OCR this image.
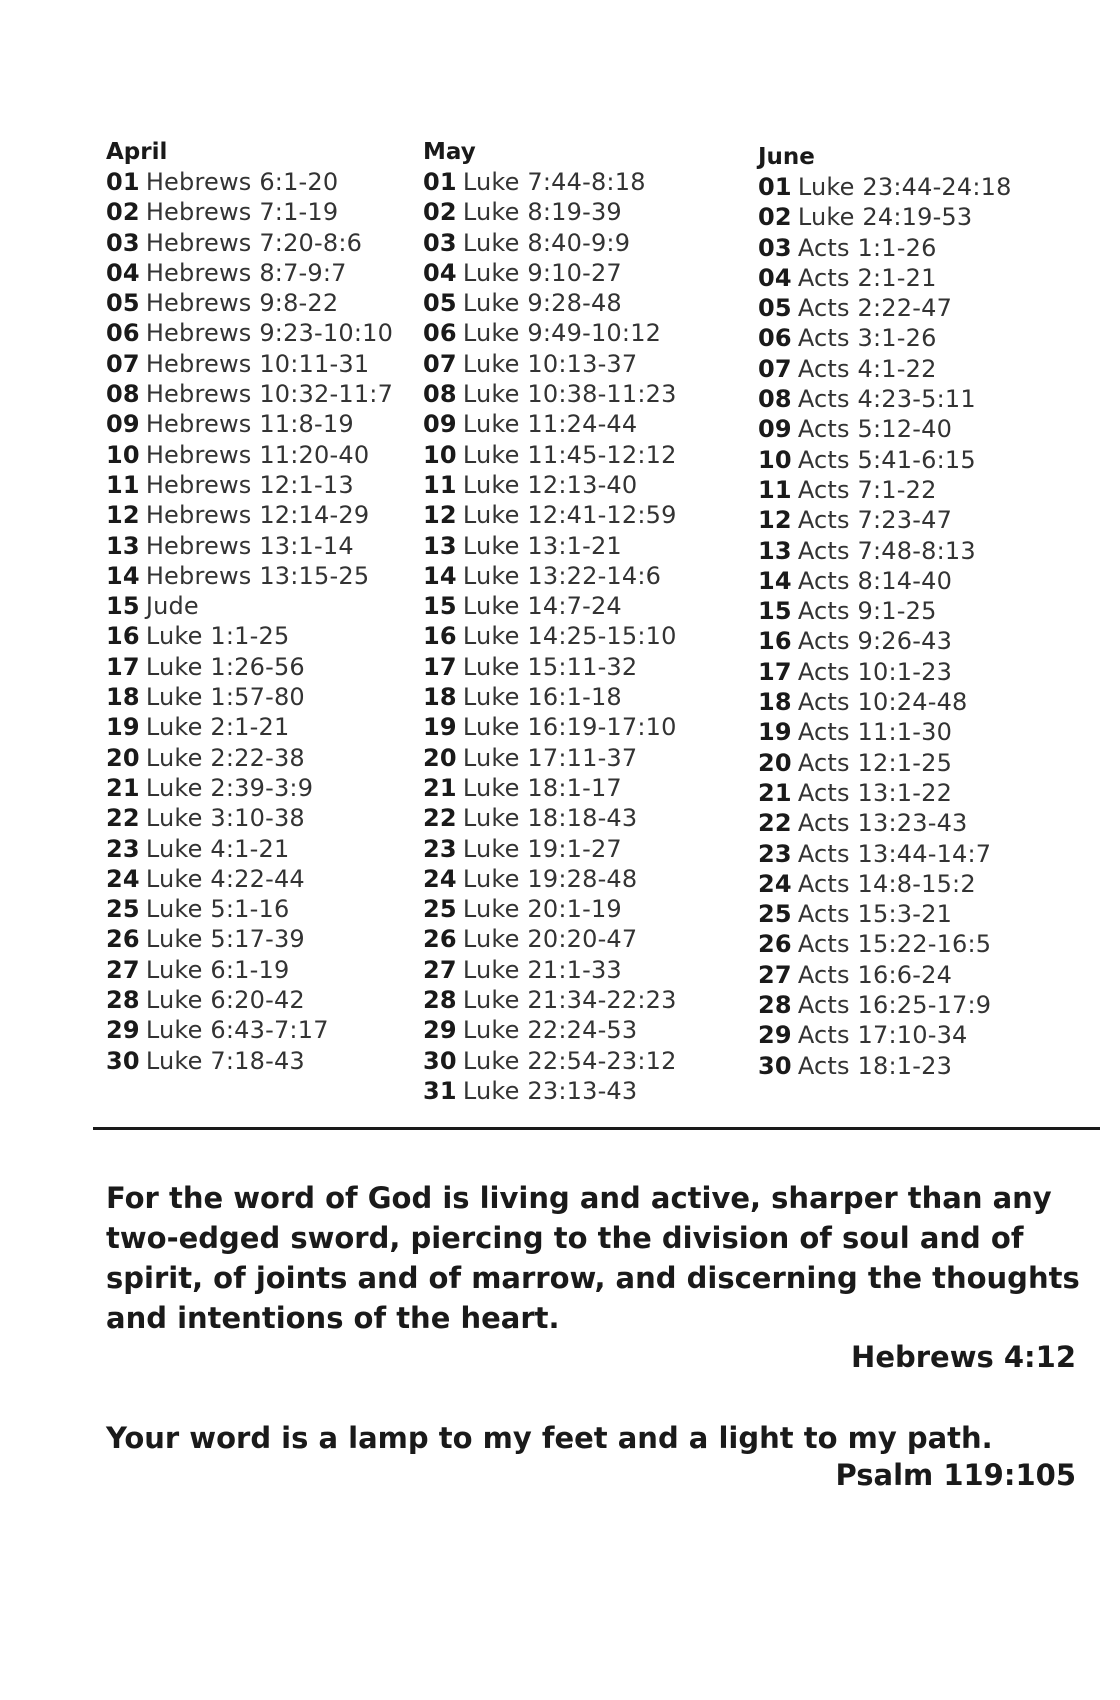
April
01 Hebrews 6:1-20
02 Hebrews 7:1-19
03 Hebrews 7:20-8:6
04 Hebrews 8:7-9:7
05 Hebrews 9:8-22
06 Hebrews 9:23-10:10
07 Hebrews 10:11-31
08 Hebrews 10:32-11:7
09 Hebrews 11:8-19
10 Hebrews 11:20-40
11 Hebrews 12:1-13
12 Hebrews 12:14-29
13 Hebrews 13:1-14
14 Hebrews 13:15-25
15 Jude
16 Luke 1:1-25
17 Luke 1:26-56
18 Luke 1:57-80
19 Luke 2:1-21
20 Luke 2:22-38
21 Luke 2:39-3:9
22 Luke 3:10-38
23 Luke 4:1-21
24 Luke 4:22-44
25 Luke 5:1-16
26 Luke 5:17-39
27 Luke 6:1-19
28 Luke 6:20-42
29 Luke 6:43-7:17
30 Luke 7:18-43
May
01 Luke 7:44-8:18
02 Luke 8:19-39
03 Luke 8:40-9:9
04 Luke 9:10-27
05 Luke 9:28-48
06 Luke 9:49-10:12
07 Luke 10:13-37
08 Luke 10:38-11:23
09 Luke 11:24-44
10 Luke 11:45-12:12
11 Luke 12:13-40
12 Luke 12:41-12:59
13 Luke 13:1-21
14 Luke 13:22-14:6
15 Luke 14:7-24
16 Luke 14:25-15:10
17 Luke 15:11-32
18 Luke 16:1-18
19 Luke 16:19-17:10
20 Luke 17:11-37
21 Luke 18:1-17
22 Luke 18:18-43
23 Luke 19:1-27
24 Luke 19:28-48
25 Luke 20:1-19
26 Luke 20:20-47
27 Luke 21:1-33
28 Luke 21:34-22:23
29 Luke 22:24-53
30 Luke 22:54-23:12
31 Luke 23:13-43
June
01 Luke 23:44-24:18
02 Luke 24:19-53
03 Acts 1:1-26
04 Acts 2:1-21
05 Acts 2:22-47
06 Acts 3:1-26
07 Acts 4:1-22
08 Acts 4:23-5:11
09 Acts 5:12-40
10 Acts 5:41-6:15
11 Acts 7:1-22
12 Acts 7:23-47
13 Acts 7:48-8:13
14 Acts 8:14-40
15 Acts 9:1-25
16 Acts 9:26-43
17 Acts 10:1-23
18 Acts 10:24-48
19 Acts 11:1-30
20 Acts 12:1-25
21 Acts 13:1-22
22 Acts 13:23-43
23 Acts 13:44-14:7
24 Acts 14:8-15:2
25 Acts 15:3-21
26 Acts 15:22-16:5
27 Acts 16:6-24
28 Acts 16:25-17:9
29 Acts 17:10-34
30 Acts 18:1-23
For the word of God is living and active, sharper than any two-edged sword, piercing to the division of soul and of spirit, of joints and of marrow, and discerning the thoughts and intentions of the heart.
Hebrews 4:12
Your word is a lamp to my feet and a light to my path.
Psalm 119:105
